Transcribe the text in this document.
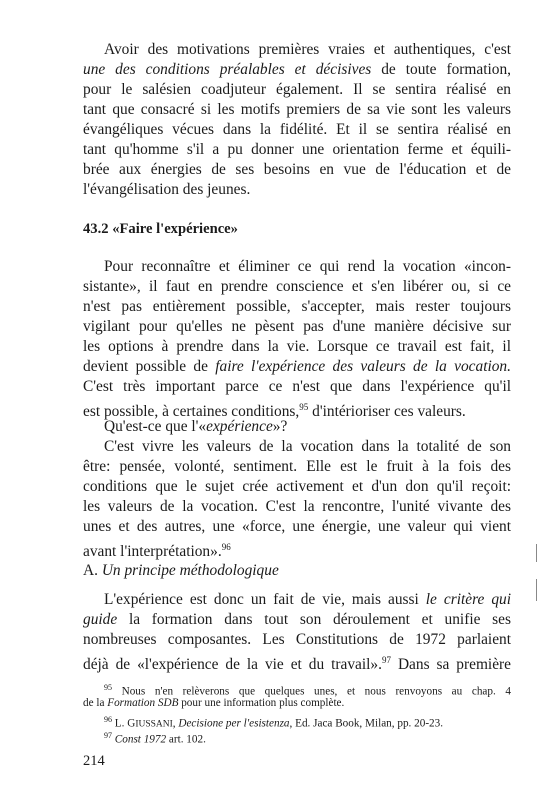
Avoir des motivations premières vraies et authentiques, c'est
une des conditions préalables et décisives de toute formation,
pour le salésien coadjuteur également. Il se sentira réalisé en
tant que consacré si les motifs premiers de sa vie sont les valeurs
évangéliques vécues dans la fidélité. Et il se sentira réalisé en
tant qu'homme s'il a pu donner une orientation ferme et équili-
brée aux énergies de ses besoins en vue de l'éducation et de
l'évangélisation des jeunes.
Pour reconnaître et éliminer ce qui rend la vocation «incon-
sistante», il faut en prendre conscience et s'en libérer ou, si ce
n'est pas entièrement possible, s'accepter, mais rester toujours
vigilant pour qu'elles ne pèsent pas d'une manière décisive sur
les options à prendre dans la vie. Lorsque ce travail est fait, il
devient possible de faire l'expérience des valeurs de la vocation.
C'est très important parce ce n'est que dans l'expérience qu'il
est possible, à certaines conditions,$^{95}$ d'intérioriser ces valeurs.
Qu'est-ce que l'«expérience»?
C'est vivre les valeurs de la vocation dans la totalité de son
être: pensée, volonté, sentiment. Elle est le fruit à la fois des
conditions que le sujet crée activement et d'un don qu'il reçoit:
les valeurs de la vocation. C'est la rencontre, l'unité vivante des
unes et des autres, une «force, une énergie, une valeur qui vient
avant l'interprétation».$^{96}$
L'expérience est donc un fait de vie, mais aussi le critère qui
guide la formation dans tout son déroulement et unifie ses
nombreuses composantes. Les Constitutions de 1972 parlaient
déjà de «l'expérience de la vie et du travail».$^{97}$ Dans sa première
43.2 «Faire l'expérience»
A. Un principe méthodologique
$^{95}$ Nous n'en relèverons que quelques unes, et nous renvoyons au chap. 4
de la Formation SDB pour une information plus complète.
$^{96}$ L. GIUSSANI, Decisione per l'esistenza, Ed. Jaca Book, Milan, pp. 20-23.
$^{97}$ Const 1972 art. 102.
214
